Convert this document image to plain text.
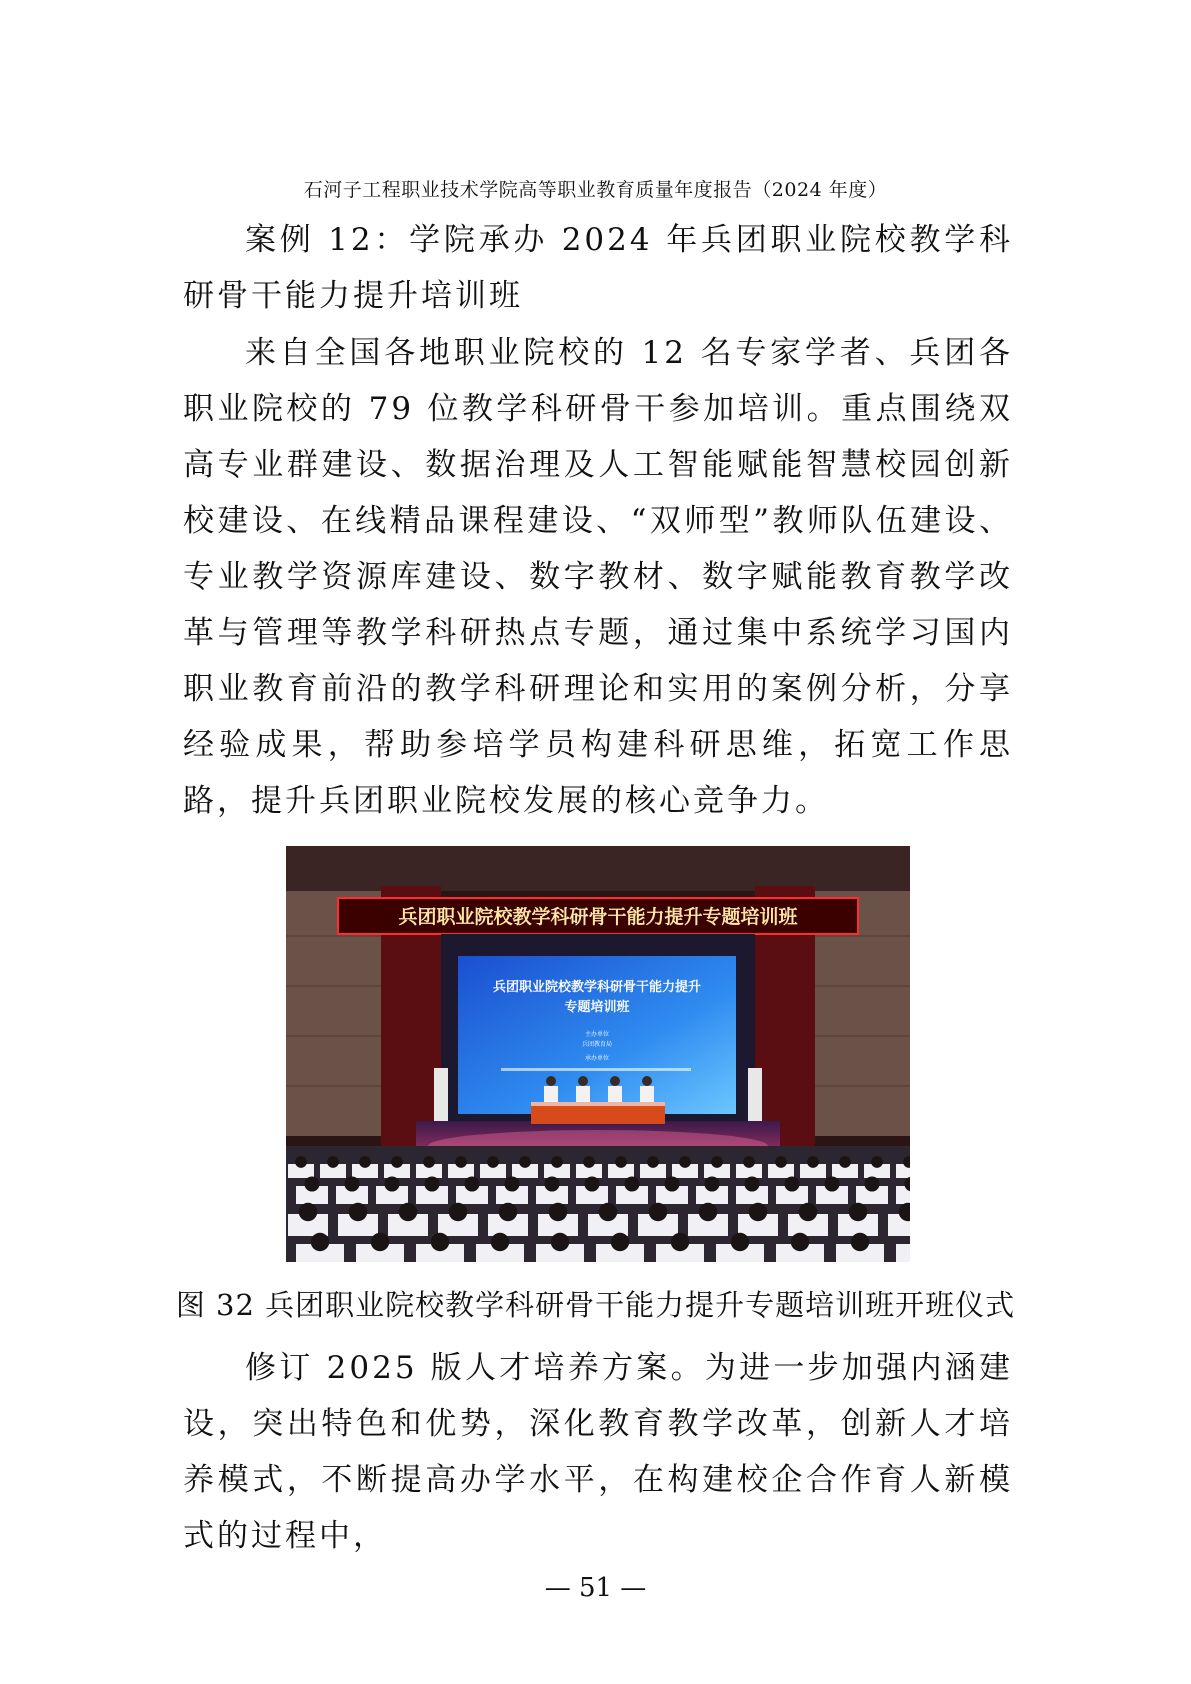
石河子工程职业技术学院高等职业教育质量年度报告（2024 年度）

案例 12：学院承办 2024 年兵团职业院校教学科研骨干能力提升培训班

来自全国各地职业院校的 12 名专家学者、兵团各职业院校的 79 位教学科研骨干参加培训。重点围绕双高专业群建设、数据治理及人工智能赋能智慧校园创新校建设、在线精品课程建设、“双师型”教师队伍建设、专业教学资源库建设、数字教材、数字赋能教育教学改革与管理等教学科研热点专题，通过集中系统学习国内职业教育前沿的教学科研理论和实用的案例分析，分享经验成果，帮助参培学员构建科研思维，拓宽工作思路，提升兵团职业院校发展的核心竞争力。

兵团职业院校教学科研骨干能力提升专题培训班
兵团职业院校教学科研骨干能力提升
专题培训班
主办单位
兵团教育局
承办单位
图 32 兵团职业院校教学科研骨干能力提升专题培训班开班仪式

修订 2025 版人才培养方案。为进一步加强内涵建设，突出特色和优势，深化教育教学改革，创新人才培养模式，不断提高办学水平，在构建校企合作育人新模式的过程中，

— 51 —
